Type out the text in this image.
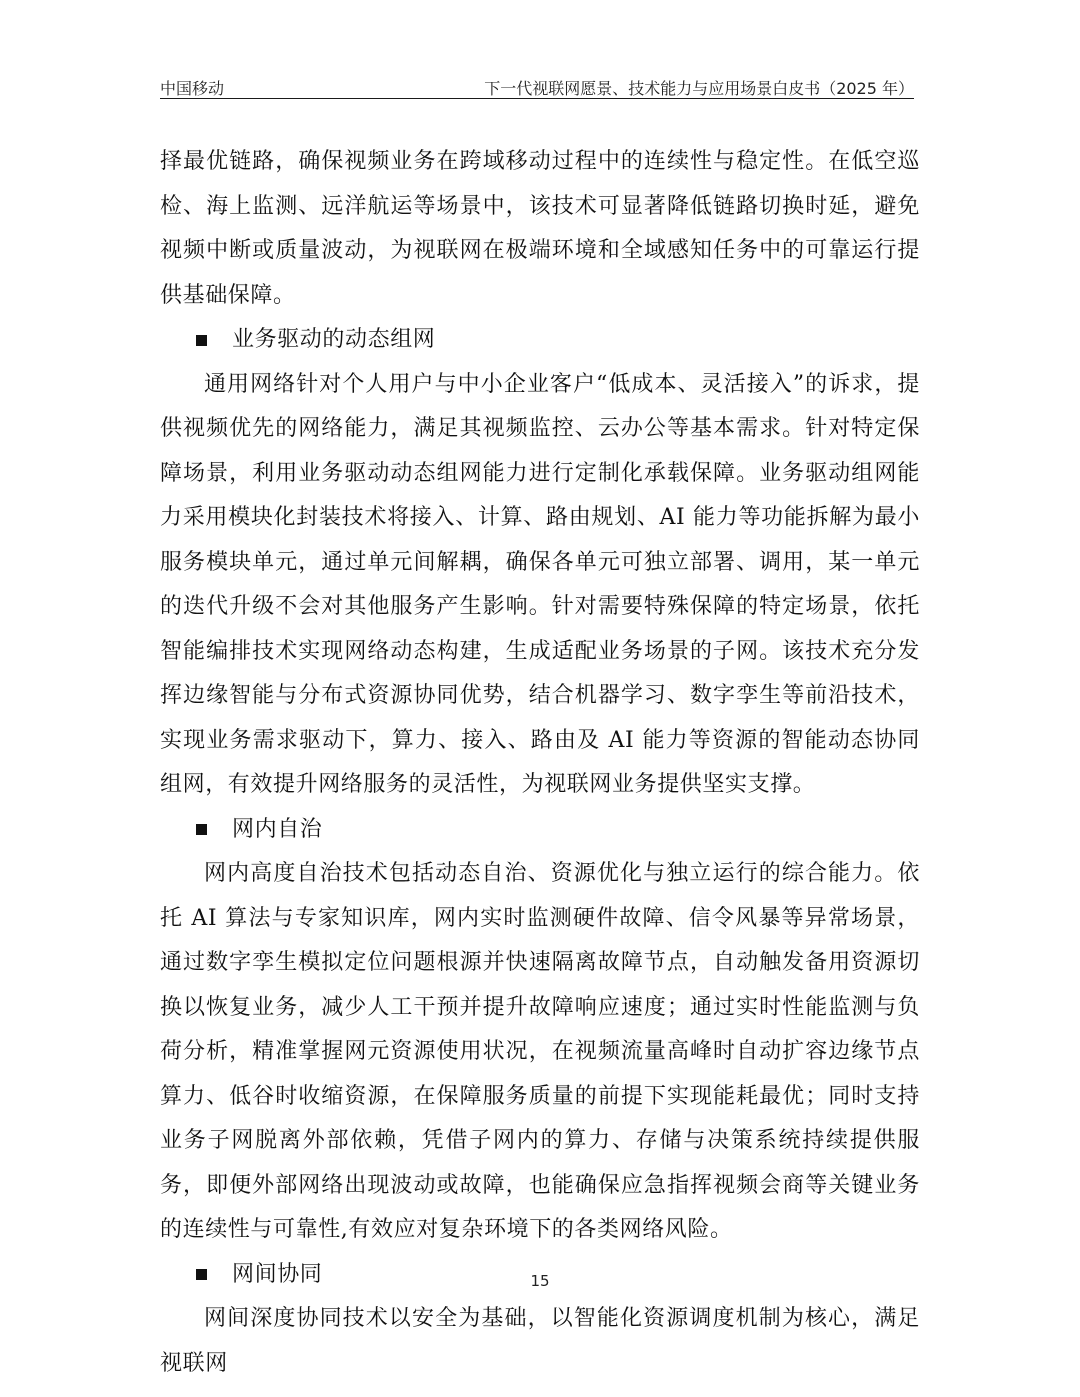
中国移动	下一代视联网愿景、技术能力与应用场景白皮书（2025 年）

择最优链路，确保视频业务在跨域移动过程中的连续性与稳定性。在低空巡检、海上监测、远洋航运等场景中，该技术可显著降低链路切换时延，避免视频中断或质量波动，为视联网在极端环境和全域感知任务中的可靠运行提供基础保障。

业务驱动的动态组网

通用网络针对个人用户与中小企业客户“低成本、灵活接入”的诉求，提供视频优先的网络能力，满足其视频监控、云办公等基本需求。针对特定保障场景，利用业务驱动动态组网能力进行定制化承载保障。业务驱动组网能力采用模块化封装技术将接入、计算、路由规划、AI 能力等功能拆解为最小服务模块单元，通过单元间解耦，确保各单元可独立部署、调用，某一单元的迭代升级不会对其他服务产生影响。针对需要特殊保障的特定场景，依托智能编排技术实现网络动态构建，生成适配业务场景的子网。该技术充分发挥边缘智能与分布式资源协同优势，结合机器学习、数字孪生等前沿技术，实现业务需求驱动下，算力、接入、路由及 AI 能力等资源的智能动态协同组网，有效提升网络服务的灵活性，为视联网业务提供坚实支撑。

网内自治

网内高度自治技术包括动态自治、资源优化与独立运行的综合能力。依托 AI 算法与专家知识库，网内实时监测硬件故障、信令风暴等异常场景，通过数字孪生模拟定位问题根源并快速隔离故障节点，自动触发备用资源切换以恢复业务，减少人工干预并提升故障响应速度；通过实时性能监测与负荷分析，精准掌握网元资源使用状况，在视频流量高峰时自动扩容边缘节点算力、低谷时收缩资源，在保障服务质量的前提下实现能耗最优；同时支持业务子网脱离外部依赖，凭借子网内的算力、存储与决策系统持续提供服务，即便外部网络出现波动或故障，也能确保应急指挥视频会商等关键业务的连续性与可靠性,有效应对复杂环境下的各类网络风险。

网间协同

网间深度协同技术以安全为基础，以智能化资源调度机制为核心，满足视联网

15
